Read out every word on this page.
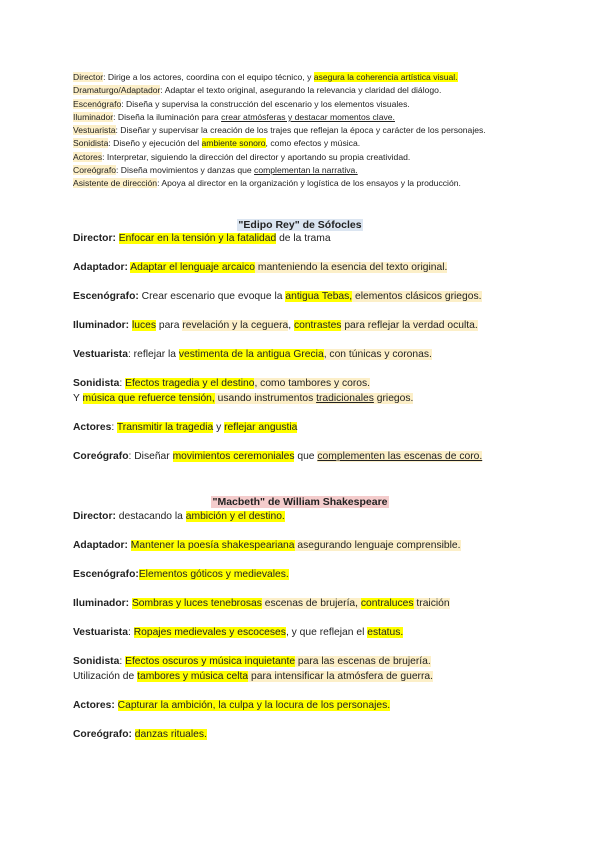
Director: Dirige a los actores, coordina con el equipo técnico, y asegura la coherencia artística visual.

Dramaturgo/Adaptador: Adaptar el texto original, asegurando la relevancia y claridad del diálogo.

Escenógrafo: Diseña y supervisa la construcción del escenario y los elementos visuales.

Iluminador: Diseña la iluminación para crear atmósferas y destacar momentos clave.

Vestuarista: Diseñar y supervisar la creación de los trajes que reflejan la época y carácter de los personajes.

Sonidista: Diseño y ejecución del ambiente sonoro, como efectos y música.

Actores: Interpretar, siguiendo la dirección del director y aportando su propia creatividad.

Coreógrafo: Diseña movimientos y danzas que complementan la narrativa.

Asistente de dirección: Apoya al director en la organización y logística de los ensayos y la producción.

"Edipo Rey" de Sófocles

Director: Enfocar en la tensión y la fatalidad de la trama

Adaptador: Adaptar el lenguaje arcaico manteniendo la esencia del texto original.

Escenógrafo: Crear escenario que evoque la antigua Tebas, elementos clásicos griegos.

Iluminador: luces para revelación y la ceguera, contrastes para reflejar la verdad oculta.

Vestuarista: reflejar la vestimenta de la antigua Grecia, con túnicas y coronas.

Sonidista: Efectos tragedia y el destino, como tambores y coros.
Y música que refuerce tensión, usando instrumentos tradicionales griegos.

Actores: Transmitir la tragedia y reflejar angustia

Coreógrafo: Diseñar movimientos ceremoniales que complementen las escenas de coro.

"Macbeth" de William Shakespeare

Director: destacando la ambición y el destino.

Adaptador: Mantener la poesía shakespeariana asegurando lenguaje comprensible.

Escenógrafo:Elementos góticos y medievales.

Iluminador: Sombras y luces tenebrosas escenas de brujería, contraluces traición

Vestuarista: Ropajes medievales y escoceses, y que reflejan el estatus.

Sonidista: Efectos oscuros y música inquietante para las escenas de brujería.
Utilización de tambores y música celta para intensificar la atmósfera de guerra.

Actores: Capturar la ambición, la culpa y la locura de los personajes.

Coreógrafo: danzas rituales.
